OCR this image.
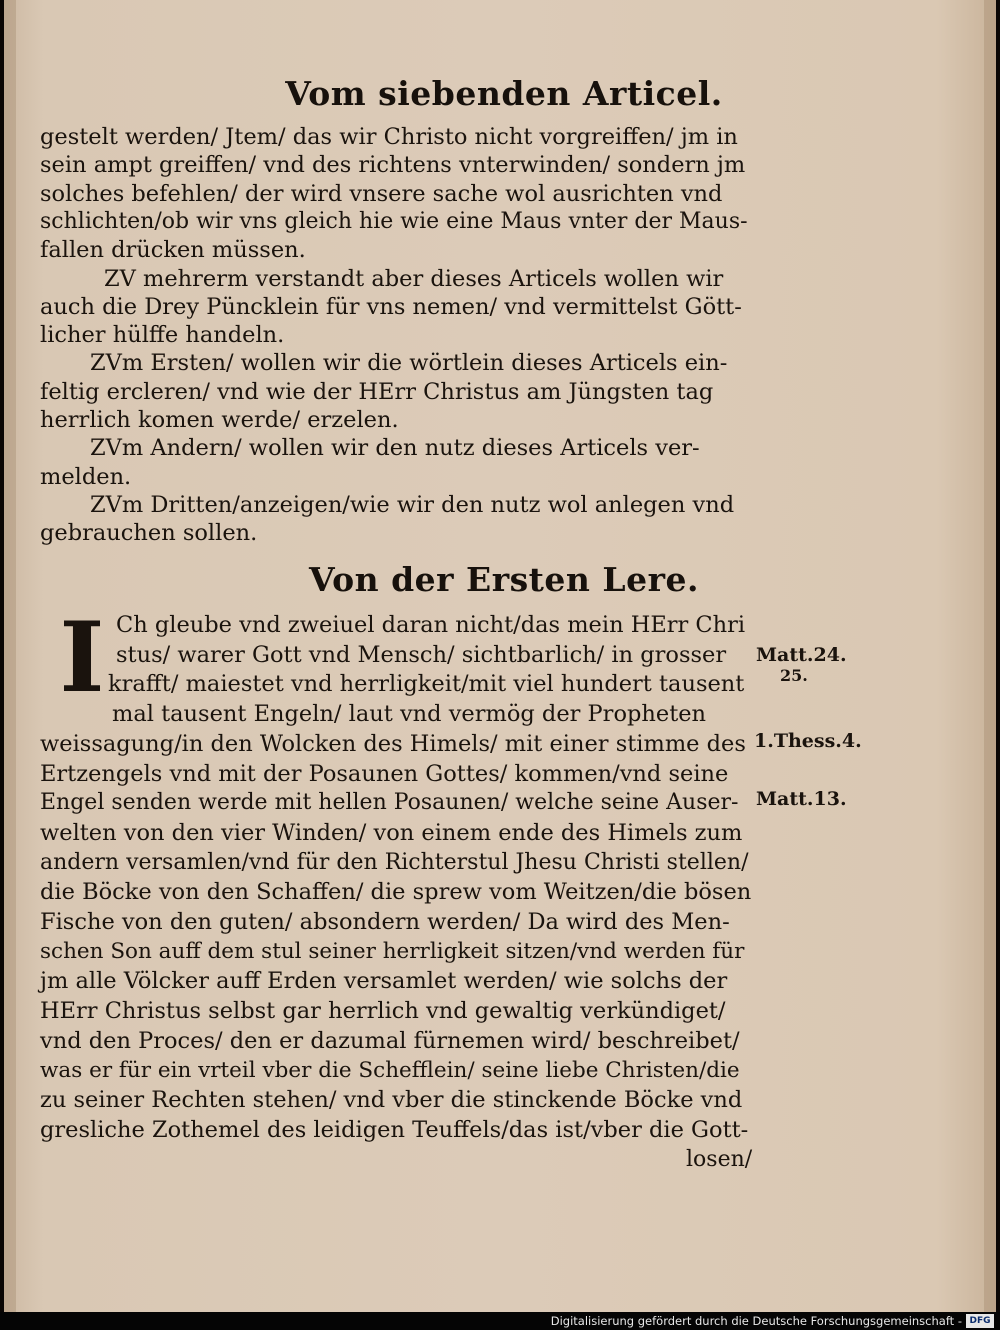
Vom siebenden Articel.
gestelt werden/ Jtem/ das wir Christo nicht vorgreiffen/ jm in
sein ampt greiffen/ vnd des richtens vnterwinden/ sondern jm
solches befehlen/ der wird vnsere sache wol ausrichten vnd
schlichten/ob wir vns gleich hie wie eine Maus vnter der Maus-
fallen drücken müssen.
ZV mehrerm verstandt aber dieses Articels wollen wir
auch die Drey Püncklein für vns nemen/ vnd vermittelst Gött-
licher hülffe handeln.
ZVm Ersten/ wollen wir die wörtlein dieses Articels ein-
feltig ercleren/ vnd wie der HErr Christus am Jüngsten tag
herrlich komen werde/ erzelen.
ZVm Andern/ wollen wir den nutz dieses Articels ver-
melden.
ZVm Dritten/anzeigen/wie wir den nutz wol anlegen vnd
gebrauchen sollen.
Von der Ersten Lere.
I Ch gleube vnd zweiuel daran nicht/das mein HErr Chri
stus/ warer Gott vnd Mensch/ sichtbarlich/ in grosser
krafft/ maiestet vnd herrligkeit/mit viel hundert tausent
mal tausent Engeln/ laut vnd vermög der Propheten
weissagung/in den Wolcken des Himels/ mit einer stimme des
Ertzengels vnd mit der Posaunen Gottes/ kommen/vnd seine
Engel senden werde mit hellen Posaunen/ welche seine Auser-
welten von den vier Winden/ von einem ende des Himels zum
andern versamlen/vnd für den Richterstul Jhesu Christi stellen/
die Böcke von den Schaffen/ die sprew vom Weitzen/die bösen
Fische von den guten/ absondern werden/ Da wird des Men-
schen Son auff dem stul seiner herrligkeit sitzen/vnd werden für
jm alle Völcker auff Erden versamlet werden/ wie solchs der
HErr Christus selbst gar herrlich vnd gewaltig verkündiget/
vnd den Proces/ den er dazumal fürnemen wird/ beschreibet/
was er für ein vrteil vber die Schefflein/ seine liebe Christen/die
zu seiner Rechten stehen/ vnd vber die stinckende Böcke vnd
gresliche Zothemel des leidigen Teuffels/das ist/vber die Gott-
losen/
Matt.24.
25.
1.Thess.4.
Matt.13.
Digitalisierung gefördert durch die Deutsche Forschungsgemeinschaft - DFG
